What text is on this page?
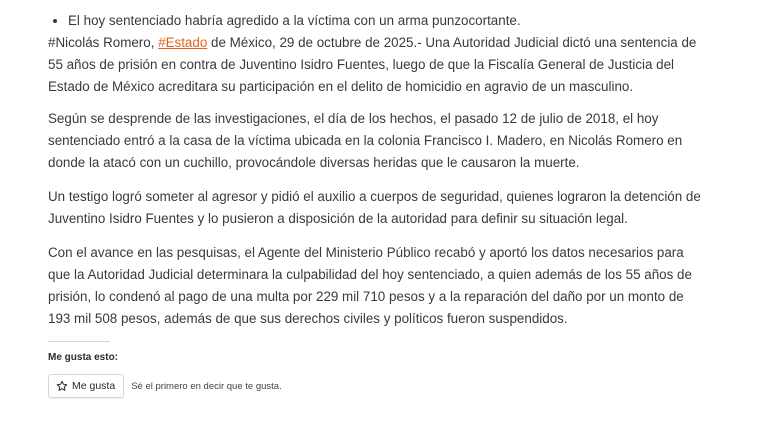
• El hoy sentenciado habría agredido a la víctima con un arma punzocortante.

#Nicolás Romero, #Estado de México, 29 de octubre de 2025.- Una Autoridad Judicial dictó una sentencia de 55 años de prisión en contra de Juventino Isidro Fuentes, luego de que la Fiscalía General de Justicia del Estado de México acreditara su participación en el delito de homicidio en agravio de un masculino.

Según se desprende de las investigaciones, el día de los hechos, el pasado 12 de julio de 2018, el hoy sentenciado entró a la casa de la víctima ubicada en la colonia Francisco I. Madero, en Nicolás Romero en donde la atacó con un cuchillo, provocándole diversas heridas que le causaron la muerte.

Un testigo logró someter al agresor y pidió el auxilio a cuerpos de seguridad, quienes lograron la detención de Juventino Isidro Fuentes y lo pusieron a disposición de la autoridad para definir su situación legal.

Con el avance en las pesquisas, el Agente del Ministerio Público recabó y aportó los datos necesarios para que la Autoridad Judicial determinara la culpabilidad del hoy sentenciado, a quien además de los 55 años de prisión, lo condenó al pago de una multa por 229 mil 710 pesos y a la reparación del daño por un monto de 193 mil 508 pesos, además de que sus derechos civiles y políticos fueron suspendidos.

Me gusta esto:
Me gusta Sé el primero en decir que te gusta.
